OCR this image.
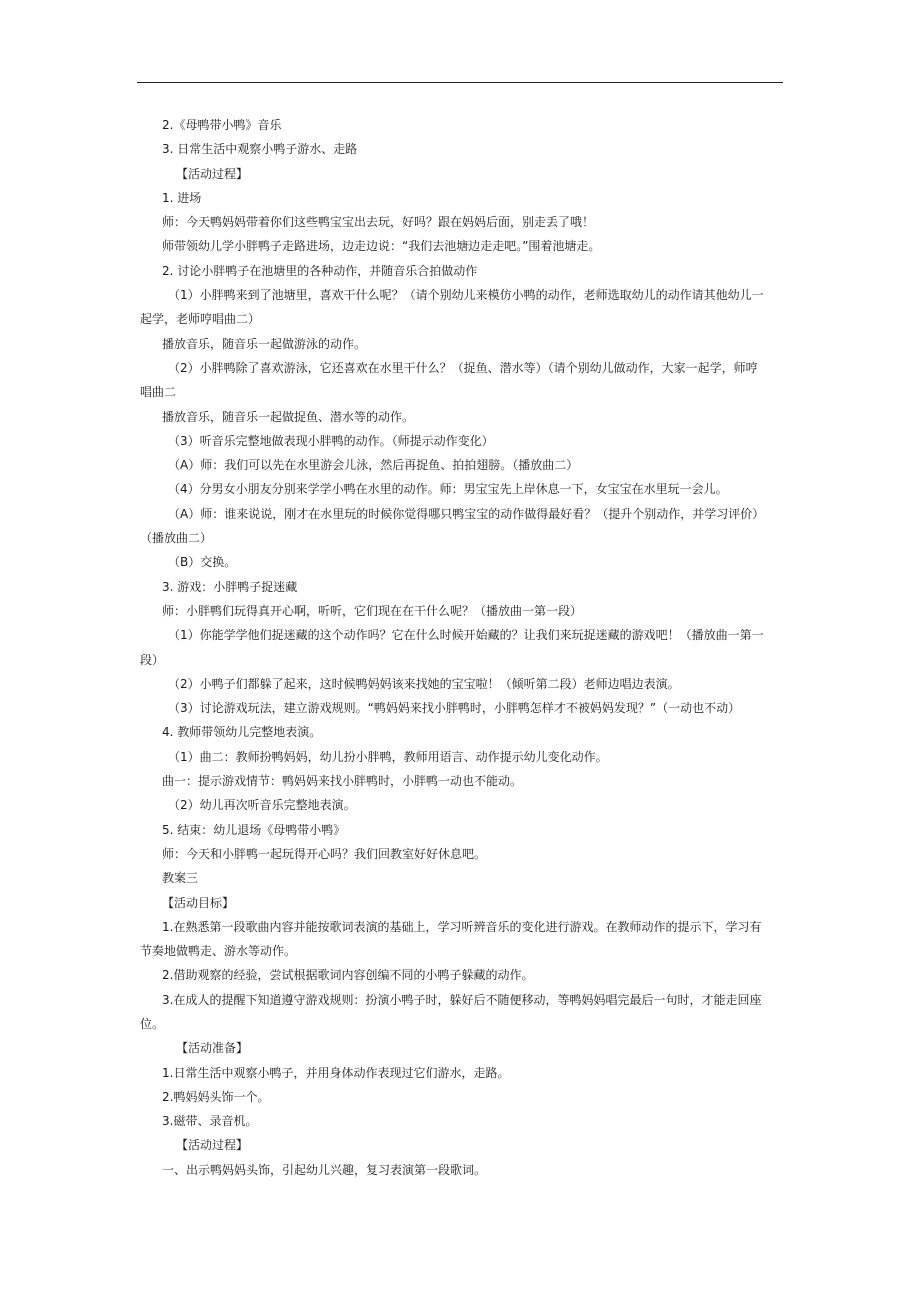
2.《母鸭带小鸭》音乐
3. 日常生活中观察小鸭子游水、走路
【活动过程】
1. 进场
师：今天鸭妈妈带着你们这些鸭宝宝出去玩，好吗？跟在妈妈后面，别走丢了哦！
师带领幼儿学小胖鸭子走路进场，边走边说：“我们去池塘边走走吧。”围着池塘走。
2. 讨论小胖鸭子在池塘里的各种动作，并随音乐合拍做动作
（1）小胖鸭来到了池塘里，喜欢干什么呢？（请个别幼儿来模仿小鸭的动作，老师选取幼儿的动作请其他幼儿一
起学，老师哼唱曲二）
播放音乐，随音乐一起做游泳的动作。
（2）小胖鸭除了喜欢游泳，它还喜欢在水里干什么？（捉鱼、潜水等）（请个别幼儿做动作，大家一起学，师哼
唱曲二
播放音乐，随音乐一起做捉鱼、潜水等的动作。
（3）听音乐完整地做表现小胖鸭的动作。（师提示动作变化）
（A）师：我们可以先在水里游会儿泳，然后再捉鱼、拍拍翅膀。（播放曲二）
（4）分男女小朋友分别来学学小鸭在水里的动作。师：男宝宝先上岸休息一下，女宝宝在水里玩一会儿。
（A）师：谁来说说，刚才在水里玩的时候你觉得哪只鸭宝宝的动作做得最好看？（提升个别动作，并学习评价）
（播放曲二）
（B）交换。
3. 游戏：小胖鸭子捉迷藏
师：小胖鸭们玩得真开心啊，听听，它们现在在干什么呢？（播放曲一第一段）
（1）你能学学他们捉迷藏的这个动作吗？它在什么时候开始藏的？让我们来玩捉迷藏的游戏吧！（播放曲一第一
段）
（2）小鸭子们都躲了起来，这时候鸭妈妈该来找她的宝宝啦！（倾听第二段）老师边唱边表演。
（3）讨论游戏玩法，建立游戏规则。“鸭妈妈来找小胖鸭时，小胖鸭怎样才不被妈妈发现？”（一动也不动）
4. 教师带领幼儿完整地表演。
（1）曲二：教师扮鸭妈妈，幼儿扮小胖鸭，教师用语言、动作提示幼儿变化动作。
曲一：提示游戏情节：鸭妈妈来找小胖鸭时，小胖鸭一动也不能动。
（2）幼儿再次听音乐完整地表演。
5. 结束：幼儿退场《母鸭带小鸭》
师：今天和小胖鸭一起玩得开心吗？我们回教室好好休息吧。
教案三
【活动目标】
1.在熟悉第一段歌曲内容并能按歌词表演的基础上，学习听辨音乐的变化进行游戏。在教师动作的提示下，学习有
节奏地做鸭走、游水等动作。
2.借助观察的经验，尝试根据歌词内容创编不同的小鸭子躲藏的动作。
3.在成人的提醒下知道遵守游戏规则：扮演小鸭子时，躲好后不随便移动，等鸭妈妈唱完最后一句时，才能走回座
位。
【活动准备】
1.日常生活中观察小鸭子，并用身体动作表现过它们游水，走路。
2.鸭妈妈头饰一个。
3.磁带、录音机。
【活动过程】
一、出示鸭妈妈头饰，引起幼儿兴趣，复习表演第一段歌词。
